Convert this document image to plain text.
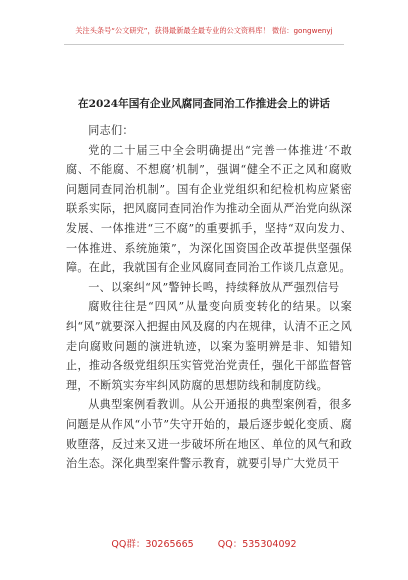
关注头条号“公文研究”，获得最新最全最专业的公文资料库！ 微信：gongwenyj
在2024年国有企业风腐同查同治工作推进会上的讲话

同志们：

党的二十届三中全会明确提出“完善一体推进‘不敢腐、不能腐、不想腐’机制”，强调“健全不正之风和腐败问题同查同治机制”。国有企业党组织和纪检机构应紧密联系实际，把风腐同查同治作为推动全面从严治党向纵深发展、一体推进“三不腐”的重要抓手，坚持“双向发力、一体推进、系统施策”，为深化国资国企改革提供坚强保障。在此，我就国有企业风腐同查同治工作谈几点意见。

一、以案纠“风”警钟长鸣，持续释放从严强烈信号

腐败往往是“四风”从量变向质变转化的结果。以案纠“风”就要深入把握由风及腐的内在规律，认清不正之风走向腐败问题的演进轨迹，以案为鉴明辨是非、知错知止，推动各级党组织压实管党治党责任，强化干部监督管理，不断筑实夯牢纠风防腐的思想防线和制度防线。

从典型案例看教训。从公开通报的典型案例看，很多问题是从作风“小节”失守开始的，最后逐步蜕化变质、腐败堕落，反过来又进一步破坏所在地区、单位的风气和政治生态。深化典型案件警示教育，就要引导广大党员干

QQ群：30265665	QQ：535304092
